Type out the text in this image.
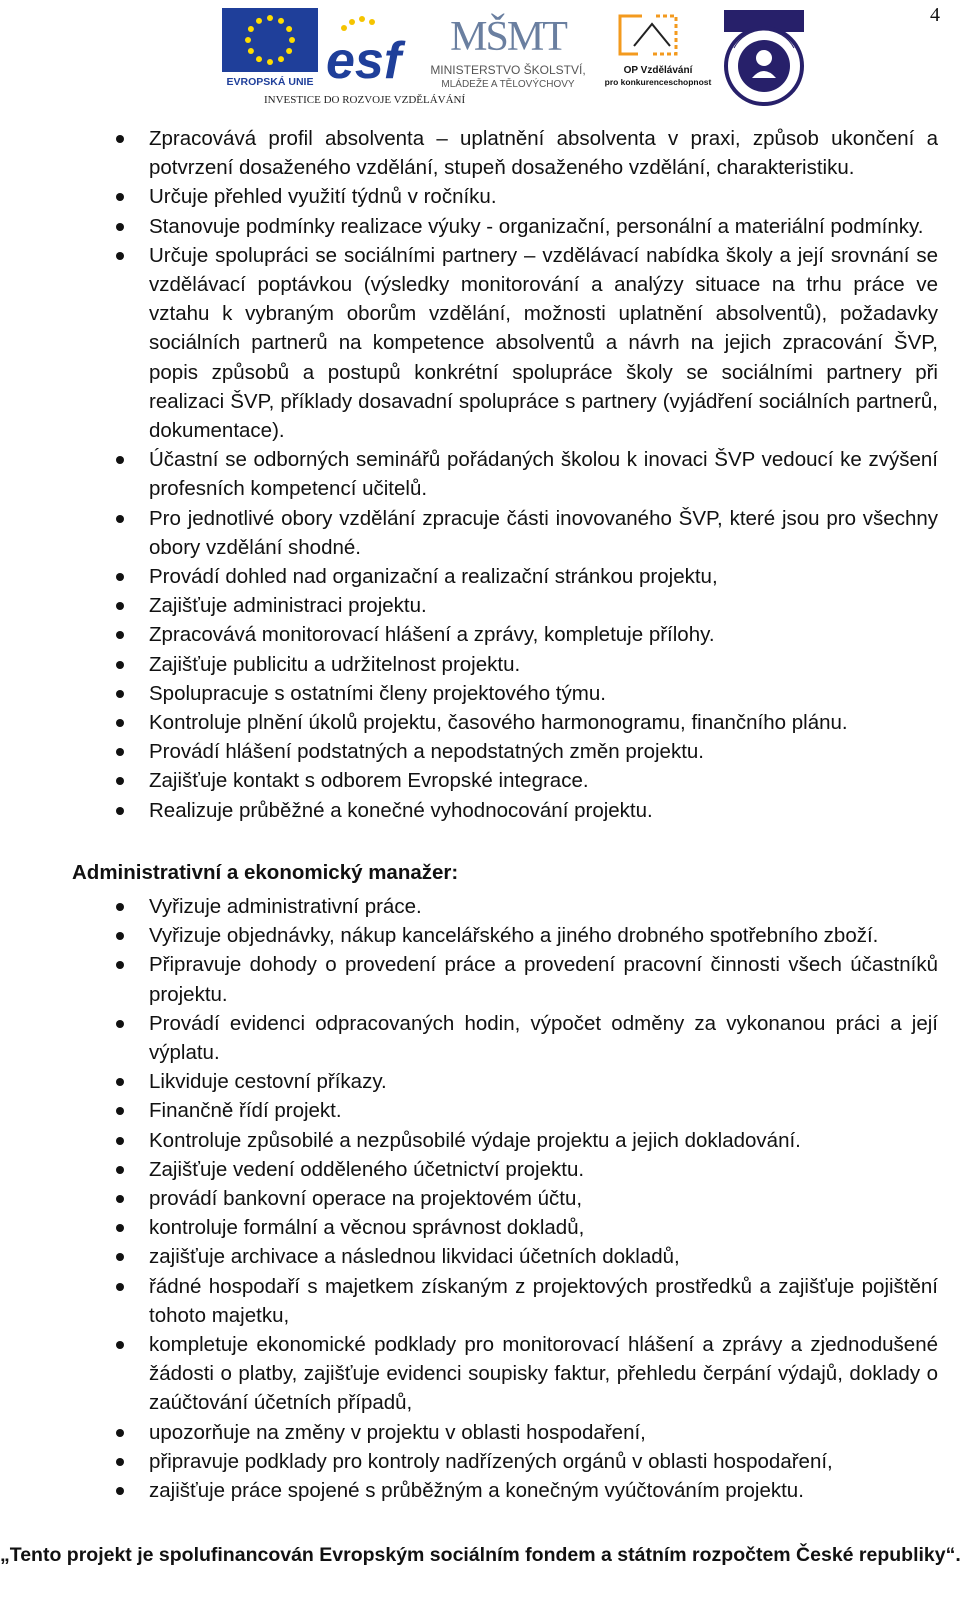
4
EVROPSKÁ UNIE esf MŠMT
MINISTERSTVO ŠKOLSTVÍ,
MLÁDEŽE A TĚLOVÝCHOVY
OP Vzdělávání
pro konkurenceschopnost
INVESTICE DO ROZVOJE VZDĚLÁVÁNÍ
Zpracovává profil absolventa – uplatnění absolventa v praxi, způsob ukončení a potvrzení dosaženého vzdělání, stupeň dosaženého vzdělání, charakteristiku.
Určuje přehled využití týdnů v ročníku.
Stanovuje podmínky realizace výuky - organizační, personální a materiální podmínky.
Určuje spolupráci se sociálními partnery – vzdělávací nabídka školy a její srovnání se vzdělávací poptávkou (výsledky monitorování a analýzy situace na trhu práce ve vztahu k vybraným oborům vzdělání, možnosti uplatnění absolventů), požadavky sociálních partnerů na kompetence absolventů a návrh na jejich zpracování ŠVP, popis způsobů a postupů konkrétní spolupráce školy se sociálními partnery při realizaci ŠVP, příklady dosavadní spolupráce s partnery (vyjádření sociálních partnerů, dokumentace).
Účastní se odborných seminářů pořádaných školou k inovaci ŠVP vedoucí ke zvýšení profesních kompetencí učitelů.
Pro jednotlivé obory vzdělání zpracuje části inovovaného ŠVP, které jsou pro všechny obory vzdělání shodné.
Provádí dohled nad organizační a realizační stránkou projektu,
Zajišťuje administraci projektu.
Zpracovává monitorovací hlášení a zprávy, kompletuje přílohy.
Zajišťuje publicitu a udržitelnost projektu.
Spolupracuje s ostatními členy projektového týmu.
Kontroluje plnění úkolů projektu, časového harmonogramu, finančního plánu.
Provádí hlášení podstatných a nepodstatných změn projektu.
Zajišťuje kontakt s odborem Evropské integrace.
Realizuje průběžné a konečné vyhodnocování projektu.
Administrativní a ekonomický manažer:
Vyřizuje administrativní práce.
Vyřizuje objednávky, nákup kancelářského a jiného drobného spotřebního zboží.
Připravuje dohody o provedení práce a provedení pracovní činnosti všech účastníků projektu.
Provádí evidenci odpracovaných hodin, výpočet odměny za vykonanou práci a její výplatu.
Likviduje cestovní příkazy.
Finančně řídí projekt.
Kontroluje způsobilé a nezpůsobilé výdaje projektu a jejich dokladování.
Zajišťuje vedení odděleného účetnictví projektu.
provádí bankovní operace na projektovém účtu,
kontroluje formální a věcnou správnost dokladů,
zajišťuje archivace a následnou likvidaci účetních dokladů,
řádné hospodaří s majetkem získaným z projektových prostředků a zajišťuje pojištění tohoto majetku,
kompletuje ekonomické podklady pro monitorovací hlášení a zprávy a zjednodušené žádosti o platby, zajišťuje evidenci soupisky faktur, přehledu čerpání výdajů, doklady o zaúčtování účetních případů,
upozorňuje na změny v projektu v oblasti hospodaření,
připravuje podklady pro kontroly nadřízených orgánů v oblasti hospodaření,
zajišťuje práce spojené s průběžným a konečným vyúčtováním projektu.
„Tento projekt je spolufinancován Evropským sociálním fondem a státním rozpočtem České republiky“.
